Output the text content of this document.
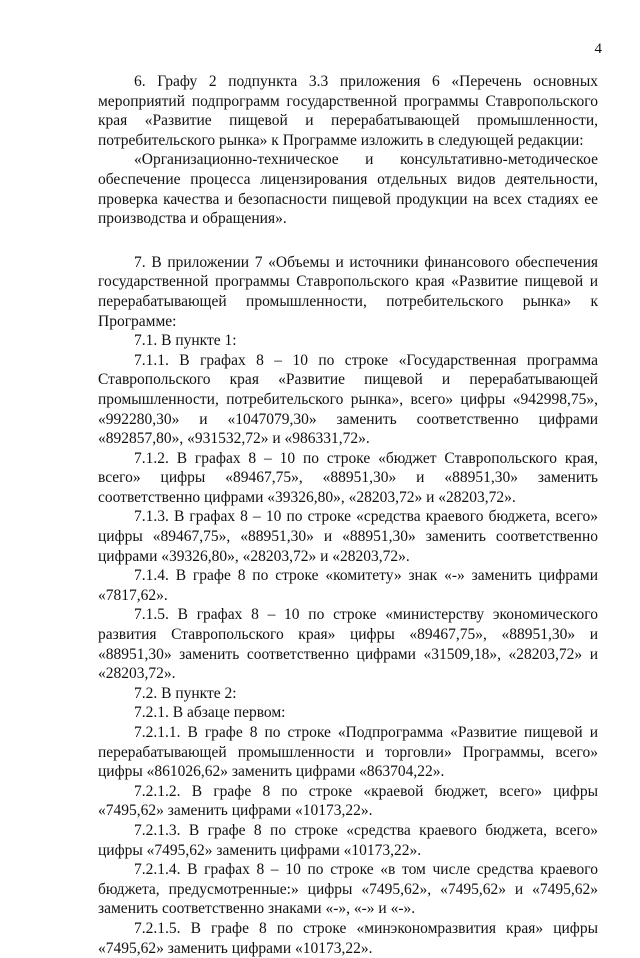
4

6. Графу 2 подпункта 3.3 приложения 6 «Перечень основных мероприятий подпрограмм государственной программы Ставропольского края «Развитие пищевой и перерабатывающей промышленности, потребительского рынка» к Программе изложить в следующей редакции:

«Организационно-техническое и консультативно-методическое обеспечение процесса лицензирования отдельных видов деятельности, проверка качества и безопасности пищевой продукции на всех стадиях ее производства и обращения».

7. В приложении 7 «Объемы и источники финансового обеспечения государственной программы Ставропольского края «Развитие пищевой и перерабатывающей промышленности, потребительского рынка» к Программе:

7.1. В пункте 1:

7.1.1. В графах 8 – 10 по строке «Государственная программа Ставропольского края «Развитие пищевой и перерабатывающей промышленности, потребительского рынка», всего» цифры «942998,75», «992280,30» и «1047079,30» заменить соответственно цифрами «892857,80», «931532,72» и «986331,72».

7.1.2. В графах 8 – 10 по строке «бюджет Ставропольского края, всего» цифры «89467,75», «88951,30» и «88951,30» заменить соответственно цифрами «39326,80», «28203,72» и «28203,72».

7.1.3. В графах 8 – 10 по строке «средства краевого бюджета, всего» цифры «89467,75», «88951,30» и «88951,30» заменить соответственно цифрами «39326,80», «28203,72» и «28203,72».

7.1.4. В графе 8 по строке «комитету» знак «-» заменить цифрами «7817,62».

7.1.5. В графах 8 – 10 по строке «министерству экономического развития Ставропольского края» цифры «89467,75», «88951,30» и «88951,30» заменить соответственно цифрами «31509,18», «28203,72» и «28203,72».

7.2. В пункте 2:

7.2.1. В абзаце первом:

7.2.1.1. В графе 8 по строке «Подпрограмма «Развитие пищевой и перерабатывающей промышленности и торговли» Программы, всего» цифры «861026,62» заменить цифрами «863704,22».

7.2.1.2. В графе 8 по строке «краевой бюджет, всего» цифры «7495,62» заменить цифрами «10173,22».

7.2.1.3. В графе 8 по строке «средства краевого бюджета, всего» цифры «7495,62» заменить цифрами «10173,22».

7.2.1.4. В графах 8 – 10 по строке «в том числе средства краевого бюджета, предусмотренные:» цифры «7495,62», «7495,62» и «7495,62» заменить соответственно знаками «-», «-» и «-».

7.2.1.5. В графе 8 по строке «минэкономразвития края» цифры «7495,62» заменить цифрами «10173,22».
